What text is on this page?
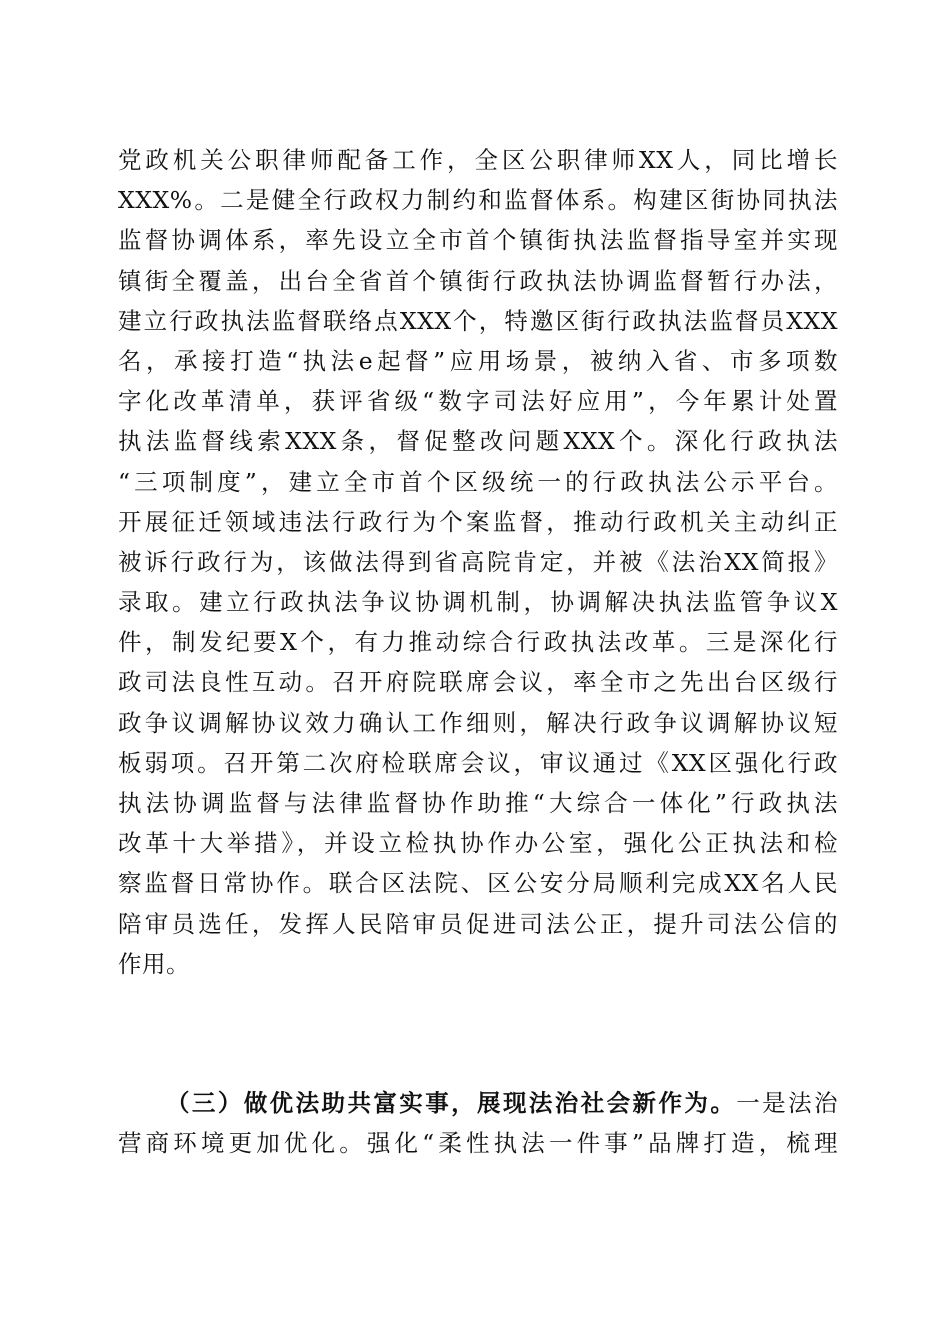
党政机关公职律师配备工作，全区公职律师XX人，同比增长
XXX%。二是健全行政权力制约和监督体系。构建区街协同执法
监督协调体系，率先设立全市首个镇街执法监督指导室并实现
镇街全覆盖，出台全省首个镇街行政执法协调监督暂行办法，
建立行政执法监督联络点XXX个，特邀区街行政执法监督员XXX
名，承接打造“执法e起督”应用场景，被纳入省、市多项数
字化改革清单，获评省级“数字司法好应用”，今年累计处置
执法监督线索XXX条，督促整改问题XXX个。深化行政执法
“三项制度”，建立全市首个区级统一的行政执法公示平台。
开展征迁领域违法行政行为个案监督，推动行政机关主动纠正
被诉行政行为，该做法得到省高院肯定，并被《法治XX简报》
录取。建立行政执法争议协调机制，协调解决执法监管争议X
件，制发纪要X个，有力推动综合行政执法改革。三是深化行
政司法良性互动。召开府院联席会议，率全市之先出台区级行
政争议调解协议效力确认工作细则，解决行政争议调解协议短
板弱项。召开第二次府检联席会议，审议通过《XX区强化行政
执法协调监督与法律监督协作助推“大综合一体化”行政执法
改革十大举措》，并设立检执协作办公室，强化公正执法和检
察监督日常协作。联合区法院、区公安分局顺利完成XX名人民
陪审员选任，发挥人民陪审员促进司法公正，提升司法公信的
作用。
（三）做优法助共富实事，展现法治社会新作为。一是法治
营商环境更加优化。强化“柔性执法一件事”品牌打造，梳理
